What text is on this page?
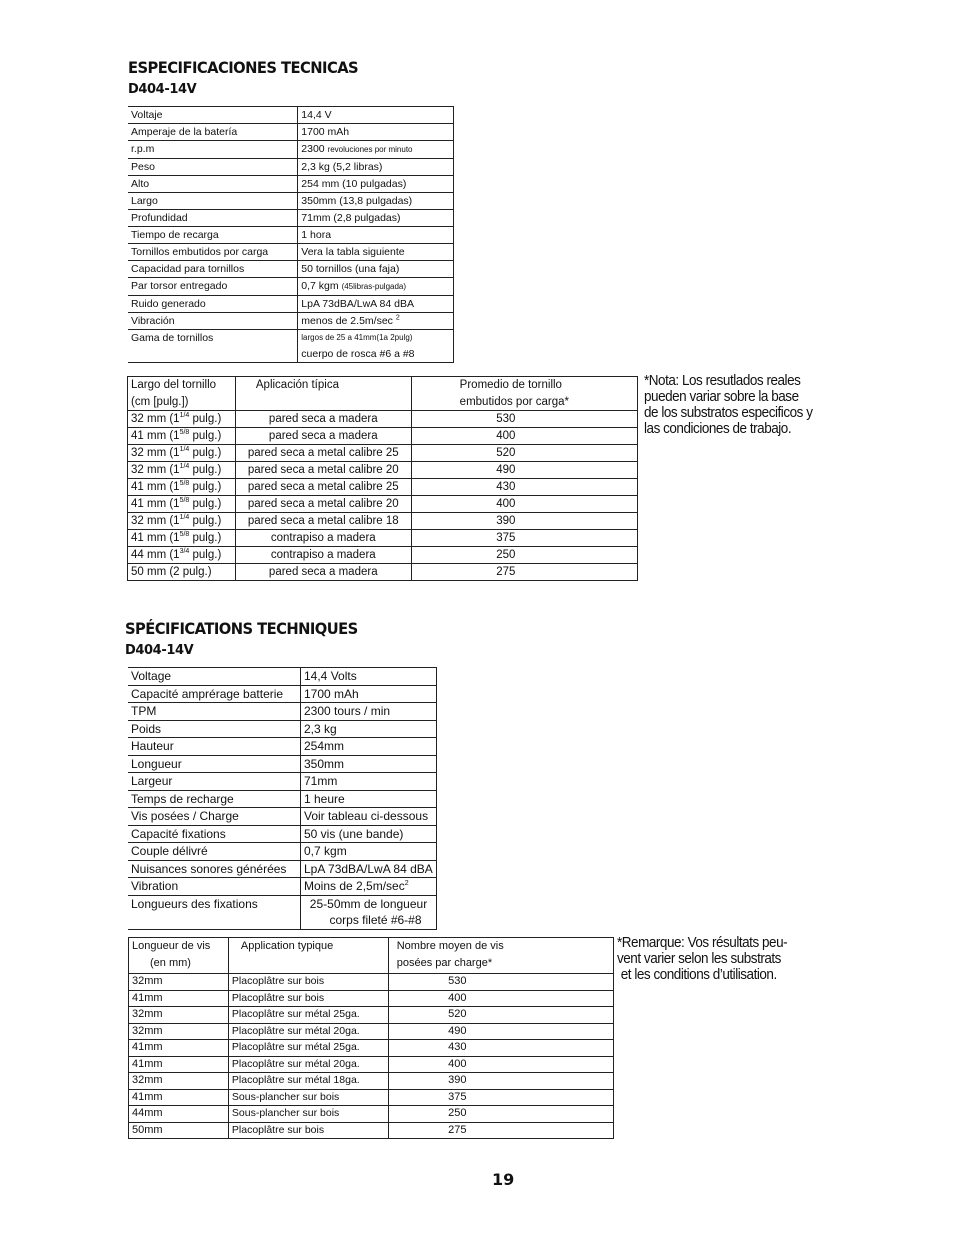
ESPECIFICACIONES TECNICAS
D404-14V
Voltaje	14,4 V
Amperaje de la batería	1700 mAh
r.p.m	2300 revoluciones por minuto
Peso	2,3 kg (5,2 libras)
Alto	254 mm (10 pulgadas)
Largo	350mm (13,8 pulgadas)
Profundidad	71mm (2,8 pulgadas)
Tiempo de recarga	1 hora
Tornillos embutidos por carga	Vera la tabla siguiente
Capacidad para tornillos	50 tornillos (una faja)
Par torsor entregado	0,7 kgm (45libras-pulgada)
Ruido generado	LpA 73dBA/LwA 84 dBA
Vibración	menos de 2.5m/sec $^2$
Gama de tornillos	largos de 25 a 41mm(1a 2pulg)
cuerpo de rosca #6 a #8
Largo del tornillo
(cm [pulg.])	Aplicación típica	Promedio de tornillo
embutidos por carga*
32 mm ($1^{1/4}$ pulg.)	pared seca a madera	530
41 mm ($1^{5/8}$ pulg.)	pared seca a madera	400
32 mm ($1^{1/4}$ pulg.)	pared seca a metal calibre 25	520
32 mm ($1^{1/4}$ pulg.)	pared seca a metal calibre 20	490
41 mm ($1^{5/8}$ pulg.)	pared seca a metal calibre 25	430
41 mm ($1^{5/8}$ pulg.)	pared seca a metal calibre 20	400
32 mm ($1^{1/4}$ pulg.)	pared seca a metal calibre 18	390
41 mm ($1^{5/8}$ pulg.)	contrapiso a madera	375
44 mm ($1^{3/4}$ pulg.)	contrapiso a madera	250
50 mm (2 pulg.)	pared seca a madera	275
*Nota: Los resutlados reales
pueden variar sobre la base
de los substratos especificos y
las condiciones de trabajo.
SPÉCIFICATIONS TECHNIQUES
D404-14V
Voltage	14,4 Volts
Capacité amprérage batterie	1700 mAh
TPM	2300 tours / min
Poids	2,3 kg
Hauteur	254mm
Longueur	350mm
Largeur	71mm
Temps de recharge	1 heure
Vis posées / Charge	Voir tableau ci-dessous
Capacité fixations	50 vis (une bande)
Couple délivré	0,7 kgm
Nuisances sonores générées	LpA 73dBA/LwA 84 dBA
Vibration	Moins de $2,5m/\sec^2$
Longueurs des fixations	25-50mm de longueur
corps fileté #6-#8
Longueur de vis
(en mm)	Application typique	Nombre moyen de vis
posées par charge*
32mm	Placoplâtre sur bois	530
41mm	Placoplâtre sur bois	400
32mm	Placoplâtre sur métal 25ga.	520
32mm	Placoplâtre sur métal 20ga.	490
41mm	Placoplâtre sur métal 25ga.	430
41mm	Placoplâtre sur métal 20ga.	400
32mm	Placoplâtre sur métal 18ga.	390
41mm	Sous-plancher sur bois	375
44mm	Sous-plancher sur bois	250
50mm	Placoplâtre sur bois	275
*Remarque: Vos résultats peu-
vent varier selon les substrats
et les conditions d’utilisation.
19
